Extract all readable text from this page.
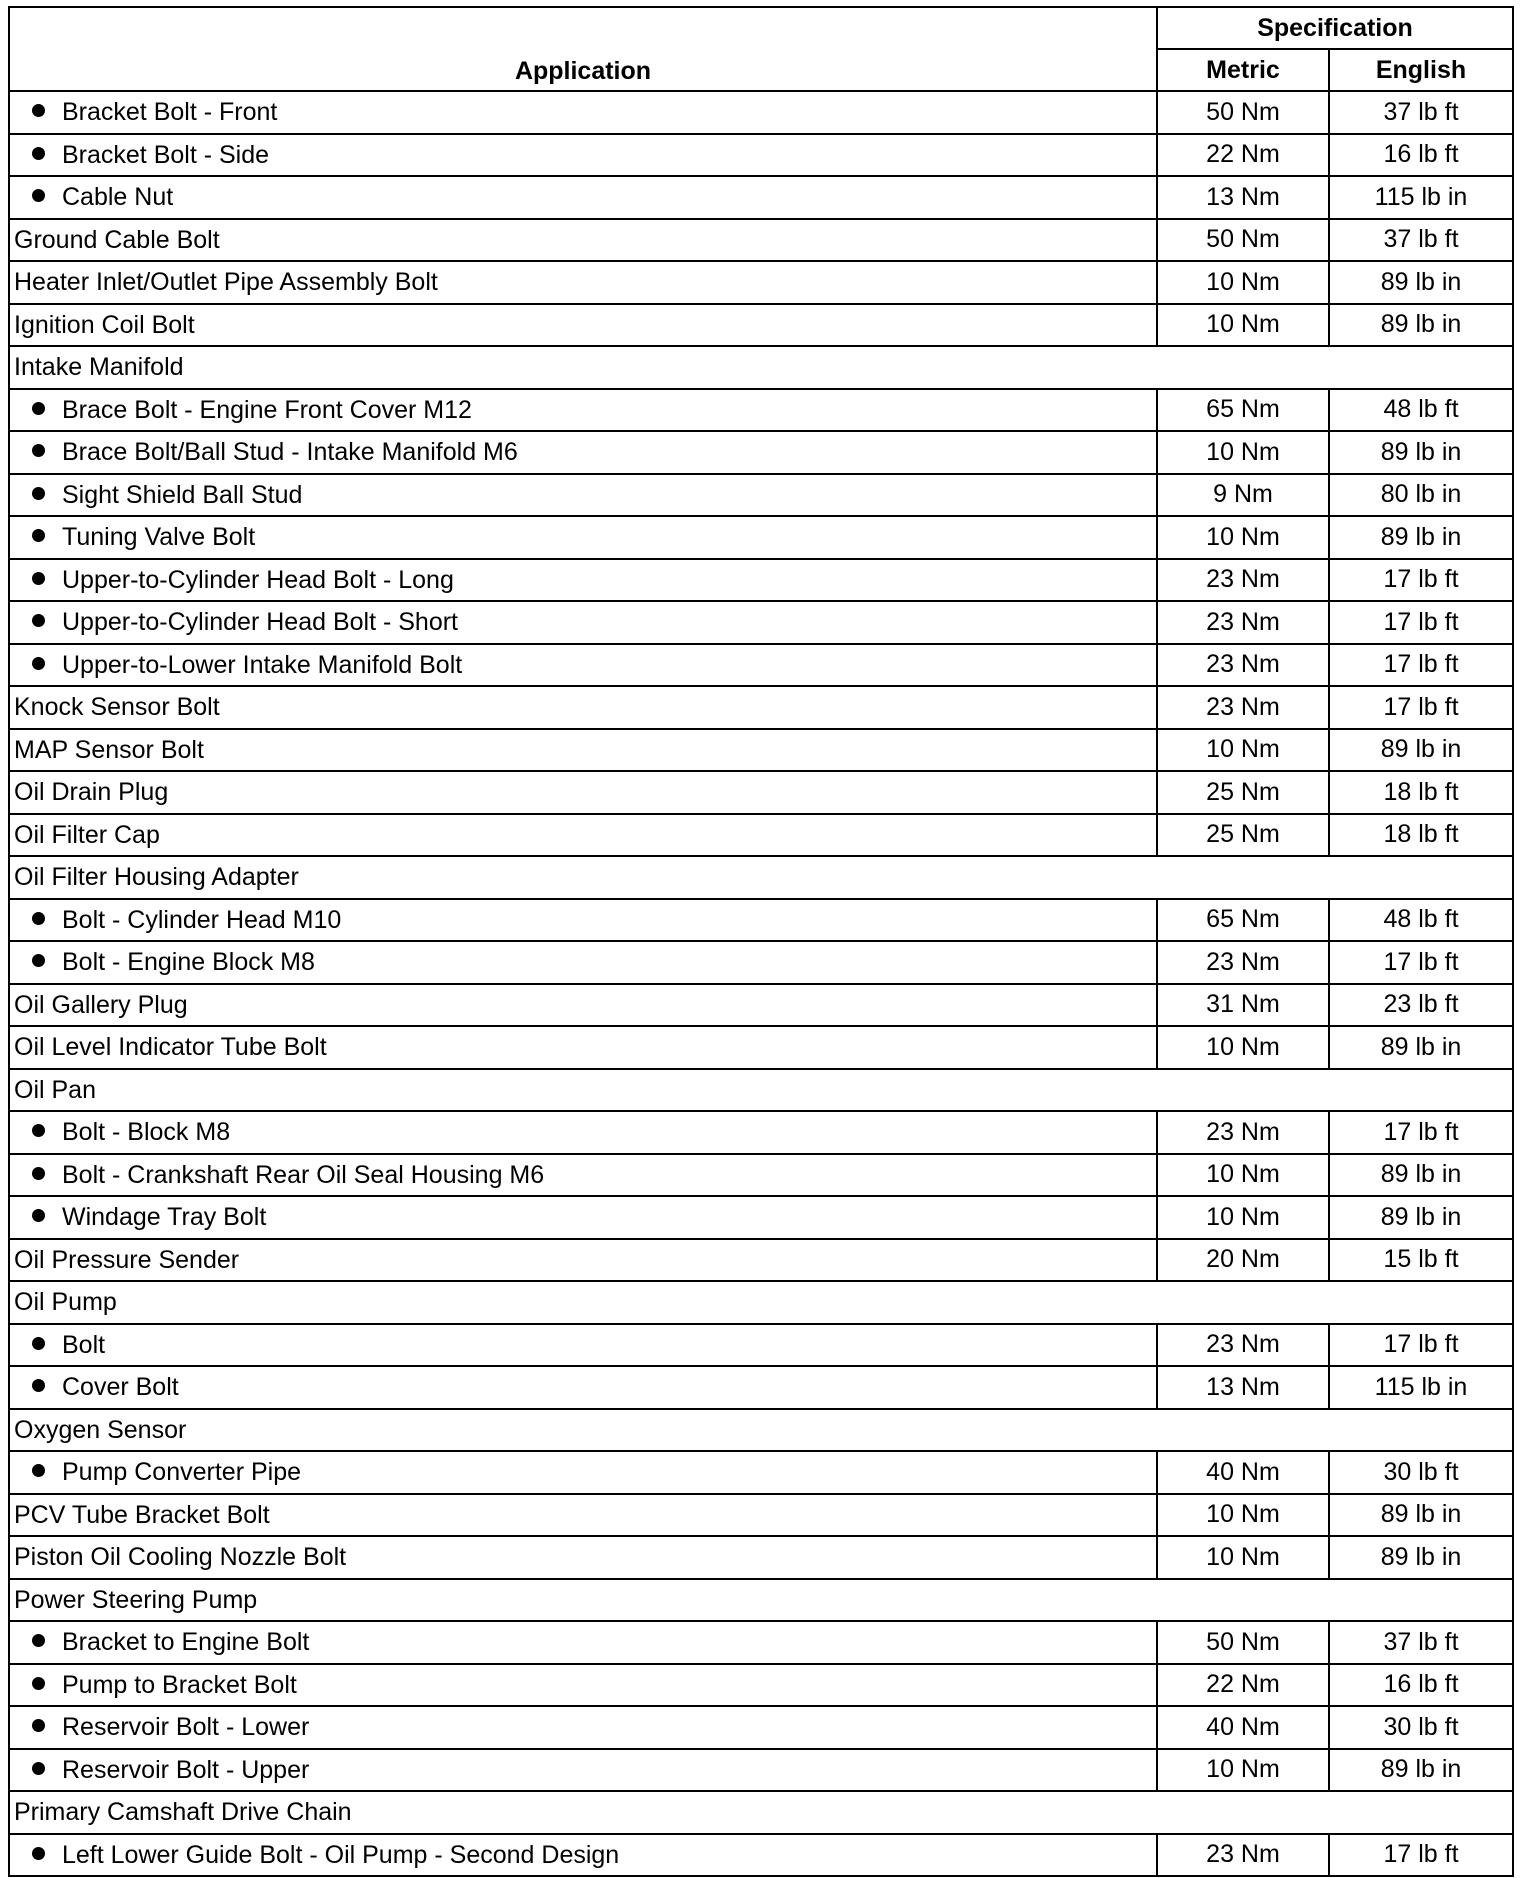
Application	Specification	
	Metric	English
Bracket Bolt - Front	50 Nm	37 lb ft
Bracket Bolt - Side	22 Nm	16 lb ft
Cable Nut	13 Nm	115 lb in
Ground Cable Bolt	50 Nm	37 lb ft
Heater Inlet/Outlet Pipe Assembly Bolt	10 Nm	89 lb in
Ignition Coil Bolt	10 Nm	89 lb in
Intake Manifold		
Brace Bolt - Engine Front Cover M12	65 Nm	48 lb ft
Brace Bolt/Ball Stud - Intake Manifold M6	10 Nm	89 lb in
Sight Shield Ball Stud	9 Nm	80 lb in
Tuning Valve Bolt	10 Nm	89 lb in
Upper-to-Cylinder Head Bolt - Long	23 Nm	17 lb ft
Upper-to-Cylinder Head Bolt - Short	23 Nm	17 lb ft
Upper-to-Lower Intake Manifold Bolt	23 Nm	17 lb ft
Knock Sensor Bolt	23 Nm	17 lb ft
MAP Sensor Bolt	10 Nm	89 lb in
Oil Drain Plug	25 Nm	18 lb ft
Oil Filter Cap	25 Nm	18 lb ft
Oil Filter Housing Adapter		
Bolt - Cylinder Head M10	65 Nm	48 lb ft
Bolt - Engine Block M8	23 Nm	17 lb ft
Oil Gallery Plug	31 Nm	23 lb ft
Oil Level Indicator Tube Bolt	10 Nm	89 lb in
Oil Pan		
Bolt - Block M8	23 Nm	17 lb ft
Bolt - Crankshaft Rear Oil Seal Housing M6	10 Nm	89 lb in
Windage Tray Bolt	10 Nm	89 lb in
Oil Pressure Sender	20 Nm	15 lb ft
Oil Pump		
Bolt	23 Nm	17 lb ft
Cover Bolt	13 Nm	115 lb in
Oxygen Sensor		
Pump Converter Pipe	40 Nm	30 lb ft
PCV Tube Bracket Bolt	10 Nm	89 lb in
Piston Oil Cooling Nozzle Bolt	10 Nm	89 lb in
Power Steering Pump		
Bracket to Engine Bolt	50 Nm	37 lb ft
Pump to Bracket Bolt	22 Nm	16 lb ft
Reservoir Bolt - Lower	40 Nm	30 lb ft
Reservoir Bolt - Upper	10 Nm	89 lb in
Primary Camshaft Drive Chain		
Left Lower Guide Bolt - Oil Pump - Second Design	23 Nm	17 lb ft
